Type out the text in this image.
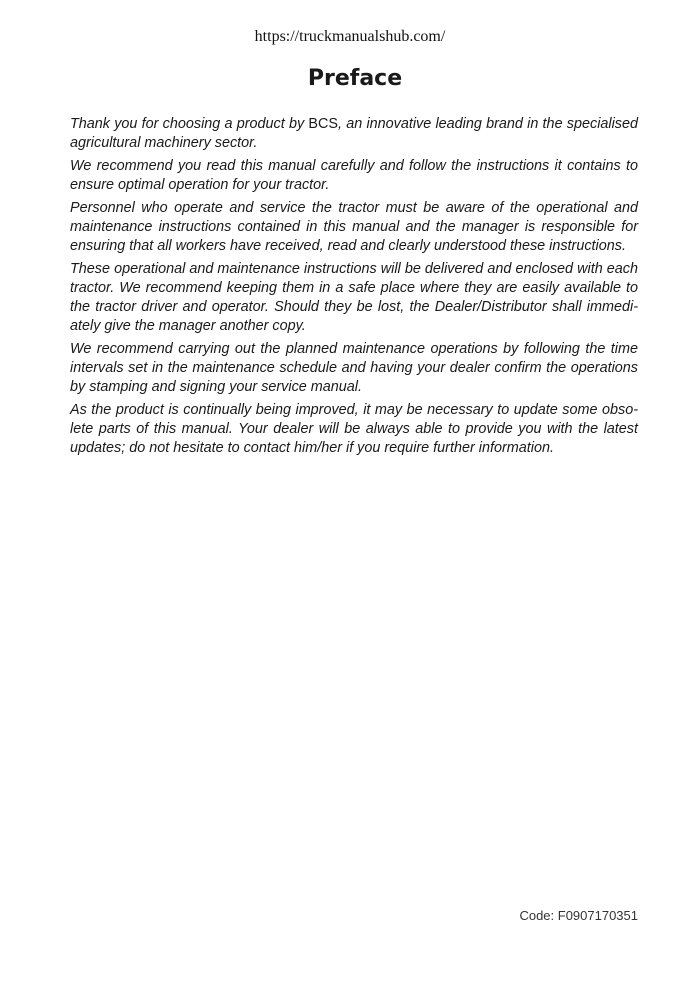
https://truckmanualshub.com/
Preface

Thank you for choosing a product by BCS, an innovative leading brand in the specialised agricultural machinery sector.

We recommend you read this manual carefully and follow the instructions it contains to ensure optimal operation for your tractor.

Personnel who operate and service the tractor must be aware of the operational and maintenance instructions contained in this manual and the manager is responsible for ensuring that all workers have received, read and clearly understood these instructions.

These operational and maintenance instructions will be delivered and enclosed with each tractor. We recommend keeping them in a safe place where they are easily available to the tractor driver and operator. Should they be lost, the Dealer/Distributor shall immediately give the manager another copy.

We recommend carrying out the planned maintenance operations by following the time intervals set in the maintenance schedule and having your dealer confirm the operations by stamping and signing your service manual.

As the product is continually being improved, it may be necessary to update some obsolete parts of this manual. Your dealer will be always able to provide you with the latest updates; do not hesitate to contact him/her if you require further information.

Code: F0907170351
